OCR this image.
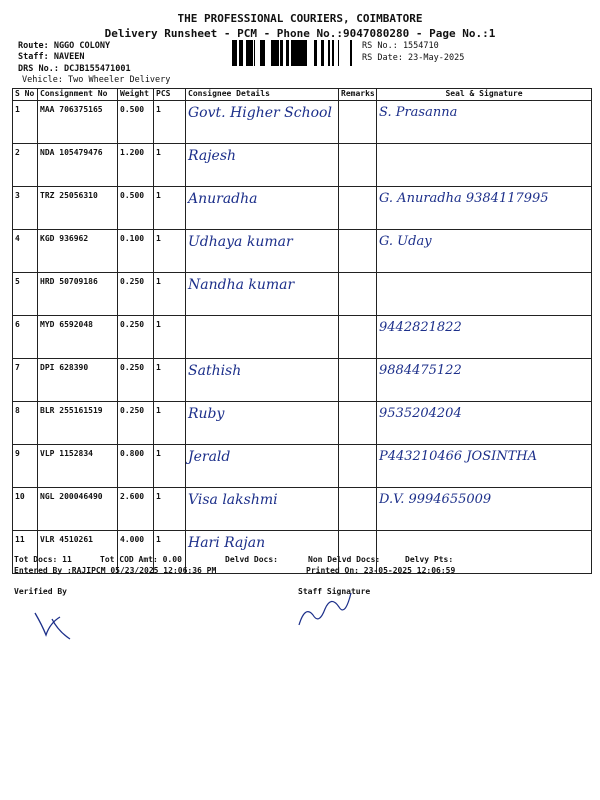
THE PROFESSIONAL COURIERS, COIMBATORE
Delivery Runsheet - PCM - Phone No.:9047080280 - Page No.:1
Route: NGGO COLONY
Staff: NAVEEN
DRS No.: DCJB155471001
Vehicle: Two Wheeler Delivery
RS No.: 1554710
RS Date: 23-May-2025
S No	Consignment No	Weight	PCS	Consignee Details	Remarks	Seal & Signature
1	MAA 706375165	0.500	1	Govt. Higher School		S. Prasanna

2	NDA 105479476	1.200	1	Rajesh		

3	TRZ 25056310	0.500	1	Anuradha		G. Anuradha 9384117995

4	KGD 936962	0.100	1	Udhaya kumar		G. Uday

5	HRD 50709186	0.250	1	Nandha kumar		

6	MYD 6592048	0.250	1			9442821822

7	DPI 628390	0.250	1	Sathish		9884475122

8	BLR 255161519	0.250	1	Ruby		9535204204

9	VLP 1152834	0.800	1	Jerald		P443210466 JOSINTHA

10	NGL 200046490	2.600	1	Visa lakshmi		D.V. 9994655009

11	VLR 4510261	4.000	1	Hari Rajan		

Tot Docs: 11	Tot COD Amt: 0.00	Delvd Docs:	Non Delvd Docs:	Delvy Pts:
Entered By :RAJIPCM 05/23/2025 12:06:36 PM	Printed On: 23-05-2025 12:06:59
Verified By	Staff Signature
